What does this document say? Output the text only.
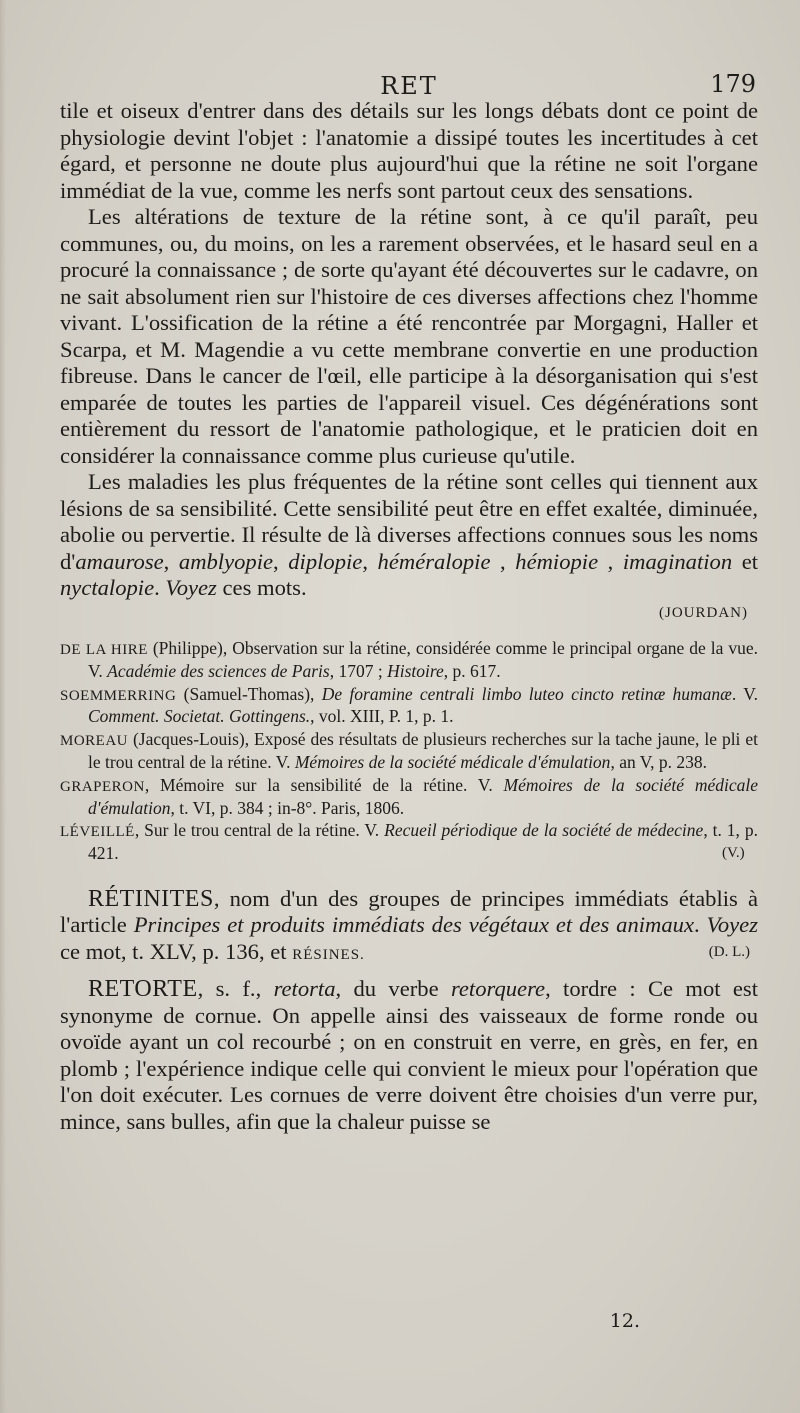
RET	179

tile et oiseux d'entrer dans des détails sur les longs débats dont ce point de physiologie devint l'objet : l'anatomie a dissipé toutes les incertitudes à cet égard, et personne ne doute plus aujourd'hui que la rétine ne soit l'organe immédiat de la vue, comme les nerfs sont partout ceux des sensations.

Les altérations de texture de la rétine sont, à ce qu'il paraît, peu communes, ou, du moins, on les a rarement observées, et le hasard seul en a procuré la connaissance ; de sorte qu'ayant été découvertes sur le cadavre, on ne sait absolument rien sur l'histoire de ces diverses affections chez l'homme vivant. L'ossification de la rétine a été rencontrée par Morgagni, Haller et Scarpa, et M. Magendie a vu cette membrane convertie en une production fibreuse. Dans le cancer de l'œil, elle participe à la désorganisation qui s'est emparée de toutes les parties de l'appareil visuel. Ces dégénérations sont entièrement du ressort de l'anatomie pathologique, et le praticien doit en considérer la connaissance comme plus curieuse qu'utile.

Les maladies les plus fréquentes de la rétine sont celles qui tiennent aux lésions de sa sensibilité. Cette sensibilité peut être en effet exaltée, diminuée, abolie ou pervertie. Il résulte de là diverses affections connues sous les noms d'amaurose, amblyopie, diplopie, héméralopie , hémiopie , imagination et nyctalopie. Voyez ces mots.

(JOURDAN)

DE LA HIRE (Philippe), Observation sur la rétine, considérée comme le principal organe de la vue. V. Académie des sciences de Paris, 1707 ; Histoire, p. 617.

SOEMMERRING (Samuel-Thomas), De foramine centrali limbo luteo cincto retinæ humanæ. V. Comment. Societat. Gottingens., vol. XIII, P. 1, p. 1.

MOREAU (Jacques-Louis), Exposé des résultats de plusieurs recherches sur la tache jaune, le pli et le trou central de la rétine. V. Mémoires de la société médicale d'émulation, an V, p. 238.

GRAPERON, Mémoire sur la sensibilité de la rétine. V. Mémoires de la société médicale d'émulation, t. VI, p. 384 ; in-8°. Paris, 1806.

LÉVEILLÉ, Sur le trou central de la rétine. V. Recueil périodique de la société de médecine, t. 1, p. 421.	(V.)

RÉTINITES, nom d'un des groupes de principes immédiats établis à l'article Principes et produits immédiats des végétaux et des animaux. Voyez ce mot, t. XLV, p. 136, et RÉSINES.	(D. L.)

RETORTE, s. f., retorta, du verbe retorquere, tordre : Ce mot est synonyme de cornue. On appelle ainsi des vaisseaux de forme ronde ou ovoïde ayant un col recourbé ; on en construit en verre, en grès, en fer, en plomb ; l'expérience indique celle qui convient le mieux pour l'opération que l'on doit exécuter. Les cornues de verre doivent être choisies d'un verre pur, mince, sans bulles, afin que la chaleur puisse se

12.
